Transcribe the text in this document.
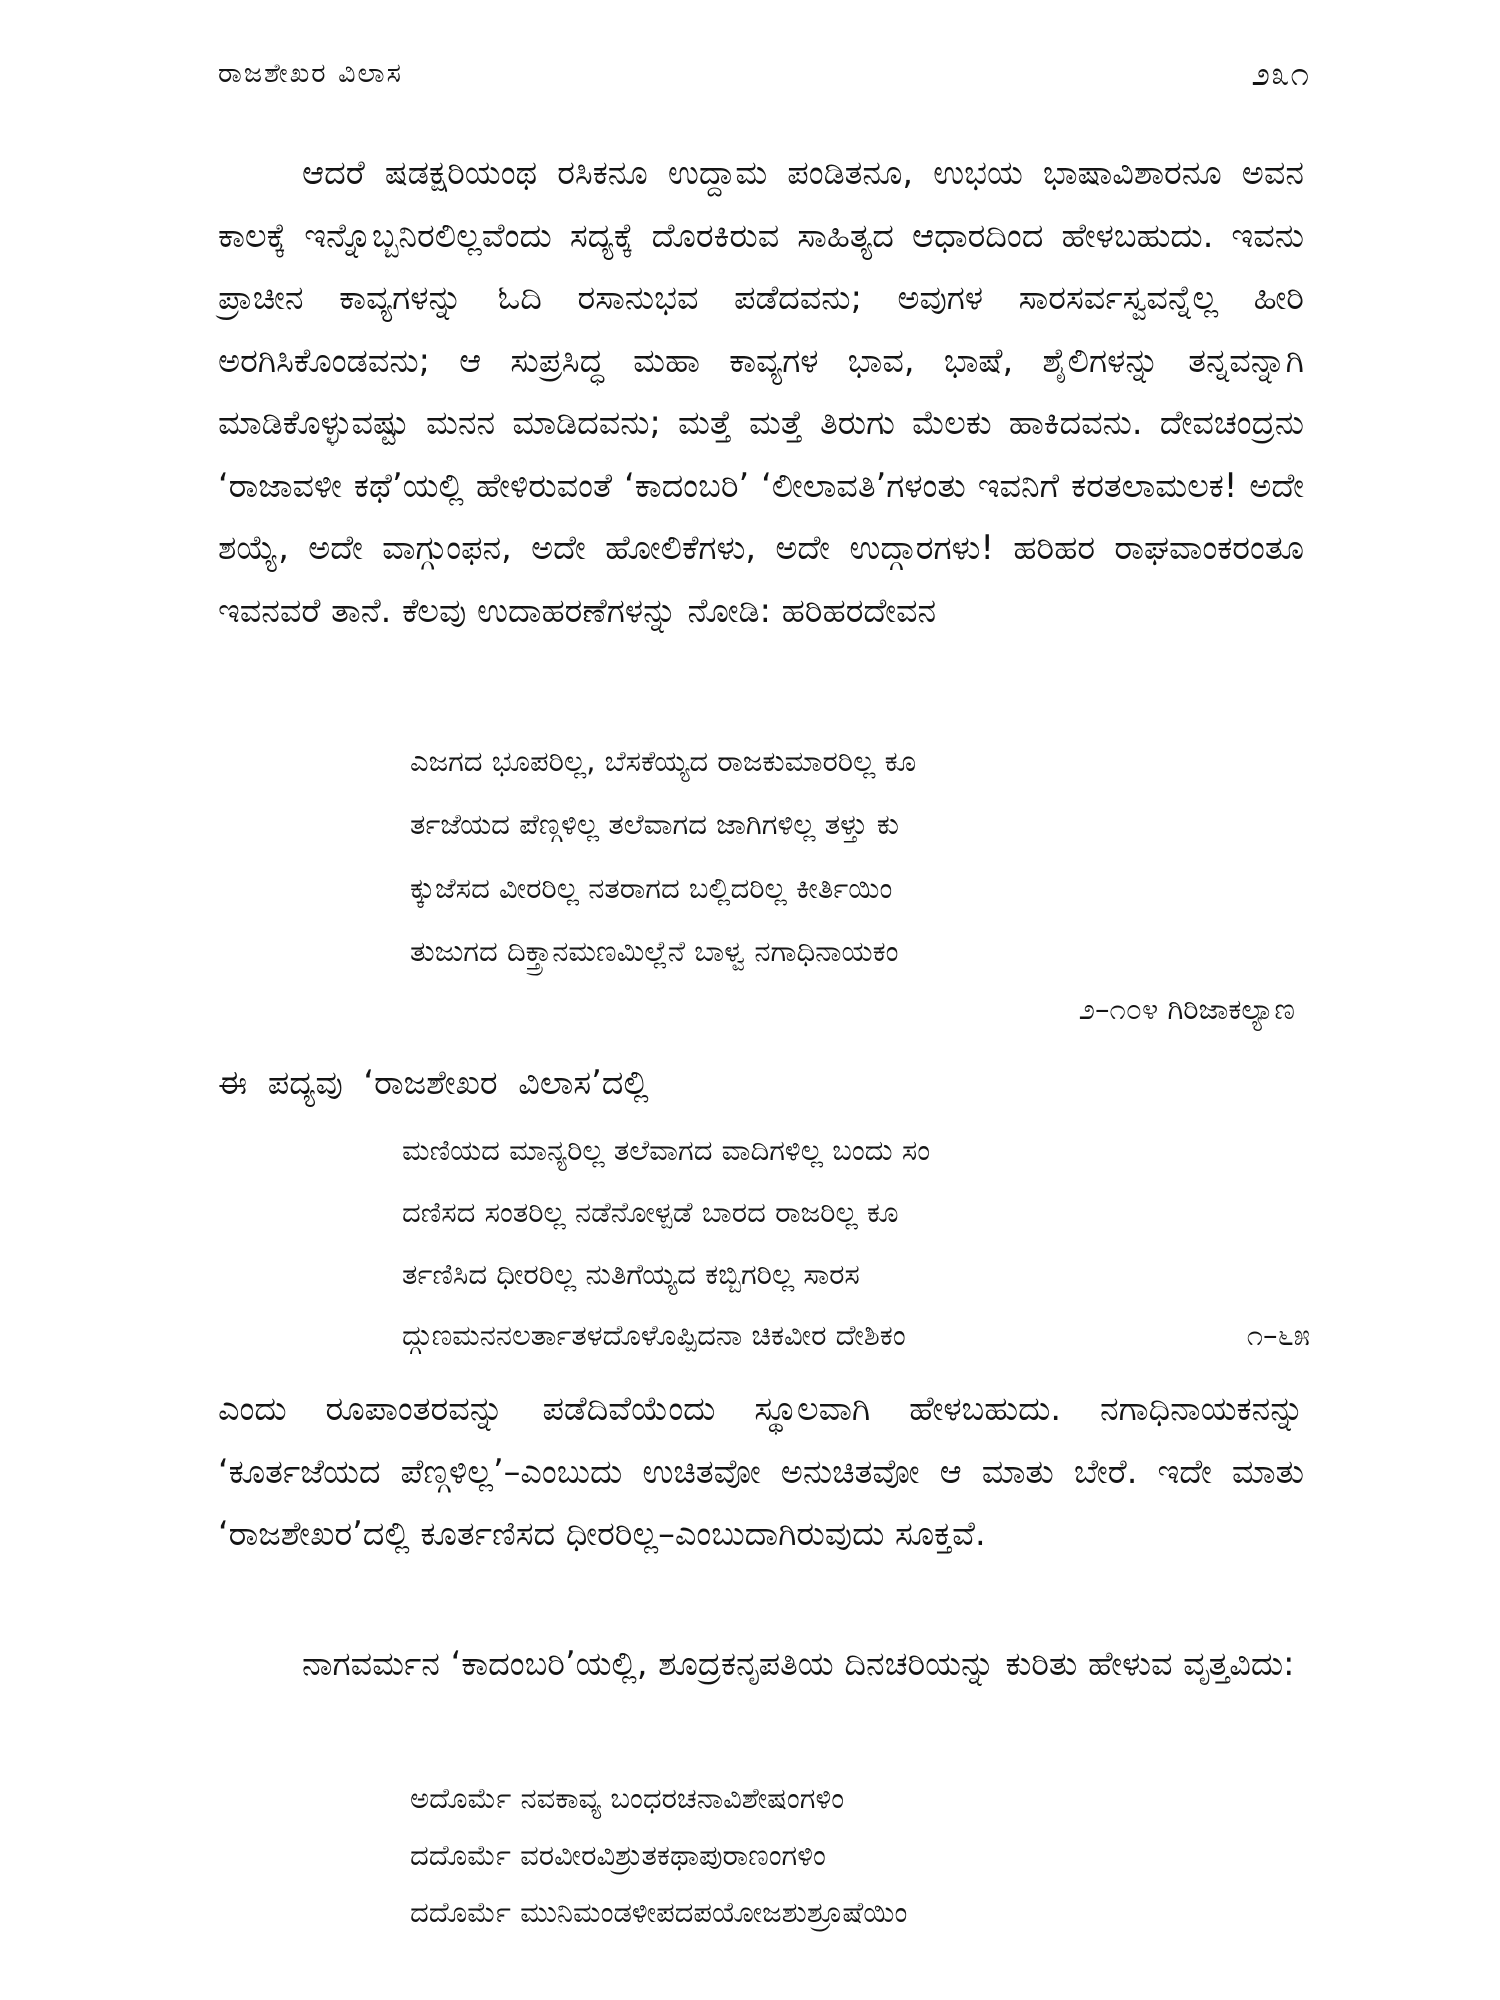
ರಾಜಶೇಖರ ವಿಲಾಸ	೨೩೧

ಆದರೆ ಷಡಕ್ಷರಿಯಂಥ ರಸಿಕನೂ ಉದ್ದಾಮ ಪಂಡಿತನೂ, ಉಭಯ ಭಾಷಾವಿಶಾರನೂ ಅವನ ಕಾಲಕ್ಕೆ ಇನ್ನೊಬ್ಬನಿರಲಿಲ್ಲವೆಂದು ಸದ್ಯಕ್ಕೆ ದೊರಕಿರುವ ಸಾಹಿತ್ಯದ ಆಧಾರದಿಂದ ಹೇಳಬಹುದು. ಇವನು ಪ್ರಾಚೀನ ಕಾವ್ಯಗಳನ್ನು ಓದಿ ರಸಾನುಭವ ಪಡೆದವನು; ಅವುಗಳ ಸಾರಸರ್ವಸ್ವವನ್ನೆಲ್ಲ ಹೀರಿ ಅರಗಿಸಿಕೊಂಡವನು; ಆ ಸುಪ್ರಸಿದ್ಧ ಮಹಾ ಕಾವ್ಯಗಳ ಭಾವ, ಭಾಷೆ, ಶೈಲಿಗಳನ್ನು ತನ್ನವನ್ನಾಗಿ ಮಾಡಿಕೊಳ್ಳುವಷ್ಟು ಮನನ ಮಾಡಿದವನು; ಮತ್ತೆ ಮತ್ತೆ ತಿರುಗು ಮೆಲಕು ಹಾಕಿದವನು. ದೇವಚಂದ್ರನು ‘ರಾಜಾವಳೀ ಕಥೆ’ಯಲ್ಲಿ ಹೇಳಿರುವಂತೆ ‘ಕಾದಂಬರಿ’ ‘ಲೀಲಾವತಿ’ಗಳಂತು ಇವನಿಗೆ ಕರತಲಾಮಲಕ! ಅದೇ ಶಯ್ಯೆ, ಅದೇ ವಾಗ್ಗುಂಫನ, ಅದೇ ಹೋಲಿಕೆಗಳು, ಅದೇ ಉದ್ಗಾರಗಳು! ಹರಿಹರ ರಾಘವಾಂಕರಂತೂ ಇವನವರೆ ತಾನೆ. ಕೆಲವು ಉದಾಹರಣೆಗಳನ್ನು ನೋಡಿ: ಹರಿಹರದೇವನ

ಎಜಗದ ಭೂಪರಿಲ್ಲ, ಬೆಸಕೆಯ್ಯದ ರಾಜಕುಮಾರರಿಲ್ಲ ಕೂ
ರ್ತಜೆಯದ ಪೆಣ್ಗಳಿಲ್ಲ ತಲೆವಾಗದ ಜಾಗಿಗಳಿಲ್ಲ ತಳ್ತು ಕು
ಕ್ಕುಜೆಸದ ವೀರರಿಲ್ಲ ನತರಾಗದ ಬಲ್ಲಿದರಿಲ್ಲ ಕೀರ್ತಿಯಿಂ
ತುಜುಗದ ದಿಕ್ತ್ರಾನಮಣಮಿಲ್ಲೆನೆ ಬಾಳ್ವ ನಗಾಧಿನಾಯಕಂ
೨–೧೦೪ ಗಿರಿಜಾಕಲ್ಯಾಣ

ಈ ಪದ್ಯವು ‘ರಾಜಶೇಖರ ವಿಲಾಸ’ದಲ್ಲಿ

ಮಣಿಯದ ಮಾನ್ಯರಿಲ್ಲ ತಲೆವಾಗದ ವಾದಿಗಳಿಲ್ಲ ಬಂದು ಸಂ
ದಣಿಸದ ಸಂತರಿಲ್ಲ ನಡೆನೋಳ್ಪಡೆ ಬಾರದ ರಾಜರಿಲ್ಲ ಕೂ
ರ್ತಣಿಸಿದ ಧೀರರಿಲ್ಲ ನುತಿಗೆಯ್ಯದ ಕಬ್ಬಿಗರಿಲ್ಲ ಸಾರಸ
ದ್ಗುಣಮನನಲರ್ತಾತಳದೊಳೊಪ್ಪಿದನಾ ಚಿಕವೀರ ದೇಶಿಕಂ	೧–೬೫

ಎಂದು ರೂಪಾಂತರವನ್ನು ಪಡೆದಿವೆಯೆಂದು ಸ್ಥೂಲವಾಗಿ ಹೇಳಬಹುದು. ನಗಾಧಿನಾಯಕನನ್ನು ‘ಕೂರ್ತಜೆಯದ ಪೆಣ್ಗಳಿಲ್ಲ’–ಎಂಬುದು ಉಚಿತವೋ ಅನುಚಿತವೋ ಆ ಮಾತು ಬೇರೆ. ಇದೇ ಮಾತು ‘ರಾಜಶೇಖರ’ದಲ್ಲಿ ಕೂರ್ತಣಿಸದ ಧೀರರಿಲ್ಲ–ಎಂಬುದಾಗಿರುವುದು ಸೂಕ್ತವೆ.

ನಾಗವರ್ಮನ ‘ಕಾದಂಬರಿ’ಯಲ್ಲಿ, ಶೂದ್ರಕನೃಪತಿಯ ದಿನಚರಿಯನ್ನು ಕುರಿತು ಹೇಳುವ ವೃತ್ತವಿದು:

ಅದೊರ್ಮೆ ನವಕಾವ್ಯ ಬಂಧರಚನಾವಿಶೇಷಂಗಳಿಂ
ದದೊರ್ಮೆ ವರವೀರವಿಶ್ರುತಕಥಾಪುರಾಣಂಗಳಿಂ
ದದೊರ್ಮೆ ಮುನಿಮಂಡಳೀಪದಪಯೋಜಶುಶ್ರೂಷೆಯಿಂ
